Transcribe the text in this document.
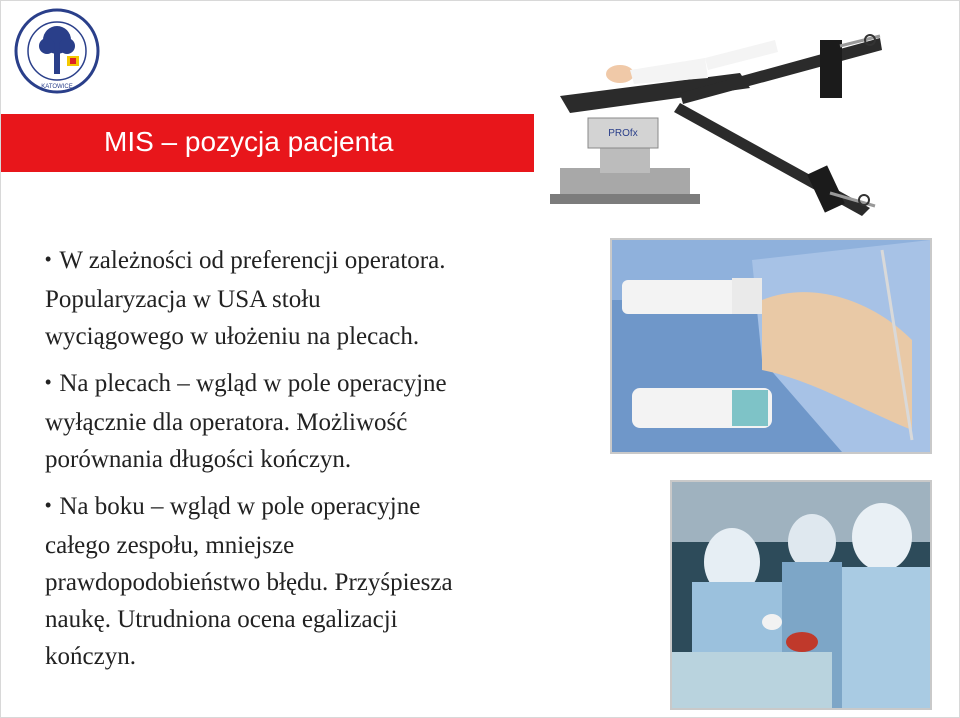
KATOWICE
MIS – pozycja pacjenta	PROfx
• W zależności od preferencji operatora.
Popularyzacja w USA stołu
wyciągowego w ułożeniu na plecach.
• Na plecach – wgląd w pole operacyjne
wyłącznie dla operatora. Możliwość
porównania długości kończyn.
• Na boku – wgląd w pole operacyjne
całego zespołu, mniejsze
prawdopodobieństwo błędu. Przyśpiesza
naukę. Utrudniona ocena egalizacji
kończyn.
